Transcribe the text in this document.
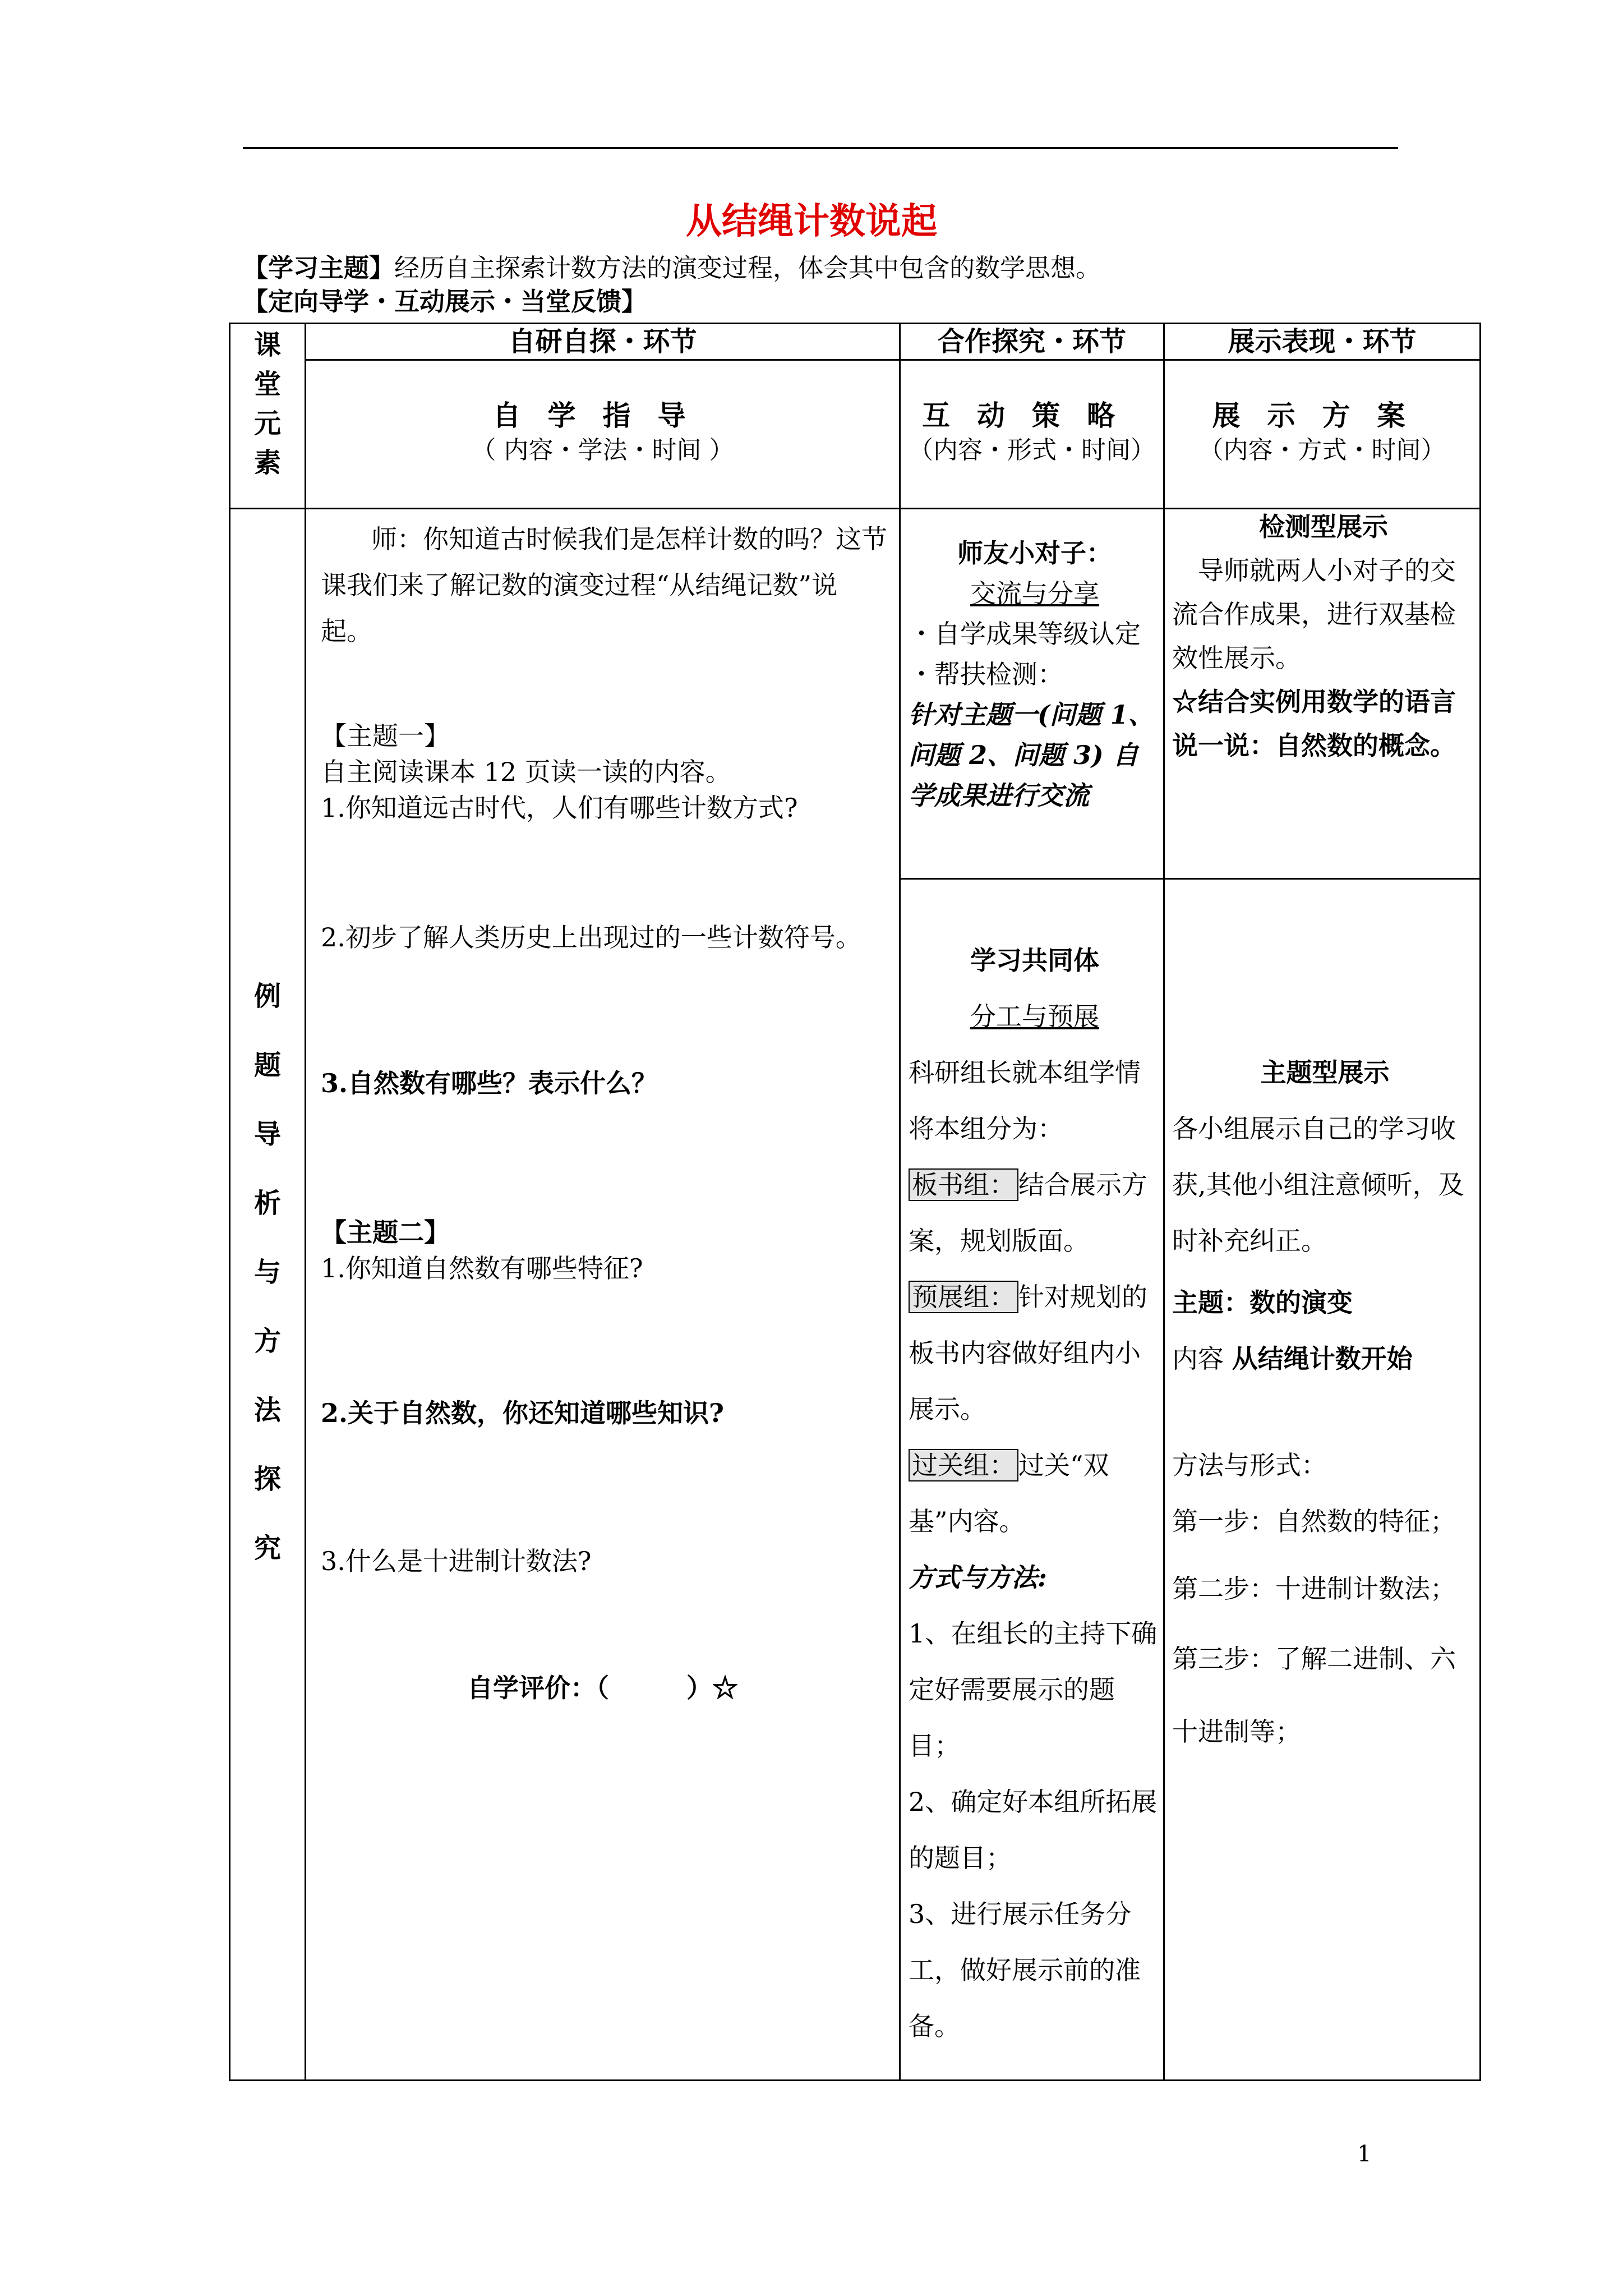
从结绳计数说起
【学习主题】经历自主探索计数方法的演变过程，体会其中包含的数学思想。
【定向导学・互动展示・当堂反馈】

课

堂

元

素

自研自探・环节	合作探究・环节	展示表现・环节

自学指导

（ 内容・学法・时间 ）

互动策略

（内容・形式・时间）

展示方案

（内容・方式・时间）

例

题

导

析

与

方

法

探

究

师：你知道古时候我们是怎样计数的吗？这节课我们来了解记数的演变过程“从结绳记数”说起。

【主题一】

自主阅读课本 12 页读一读的内容。

1.你知道远古时代，人们有哪些计数方式?

2.初步了解人类历史上出现过的一些计数符号。
3.自然数有哪些？表示什么？

【主题二】

1.你知道自然数有哪些特征?

2.关于自然数，你还知道哪些知识?
3.什么是十进制计数法?
自学评价：（　　　）☆

师友小对子：

交流与分享

・自学成果等级认定

・帮扶检测：

针对主题一(问题 1、问题 2、问题 3) 自学成果进行交流

学习共同体

分工与预展

科研组长就本组学情将本组分为：

板书组： 结合展示方案，规划版面。

预展组： 针对规划的板书内容做好组内小展示。

过关组： 过关“双基”内容。

方式与方法:

1、在组长的主持下确定好需要展示的题目；

2、确定好本组所拓展的题目；

3、进行展示任务分工，做好展示前的准备。

检测型展示

导师就两人小对子的交流合作成果，进行双基检效性展示。

☆结合实例用数学的语言说一说：自然数的概念。

主题型展示

各小组展示自己的学习收获,其他小组注意倾听，及时补充纠正。

主题：数的演变

内容 从结绳计数开始

方法与形式：

第一步：自然数的特征；

第二步：十进制计数法；

第三步：了解二进制、六十进制等；

1
